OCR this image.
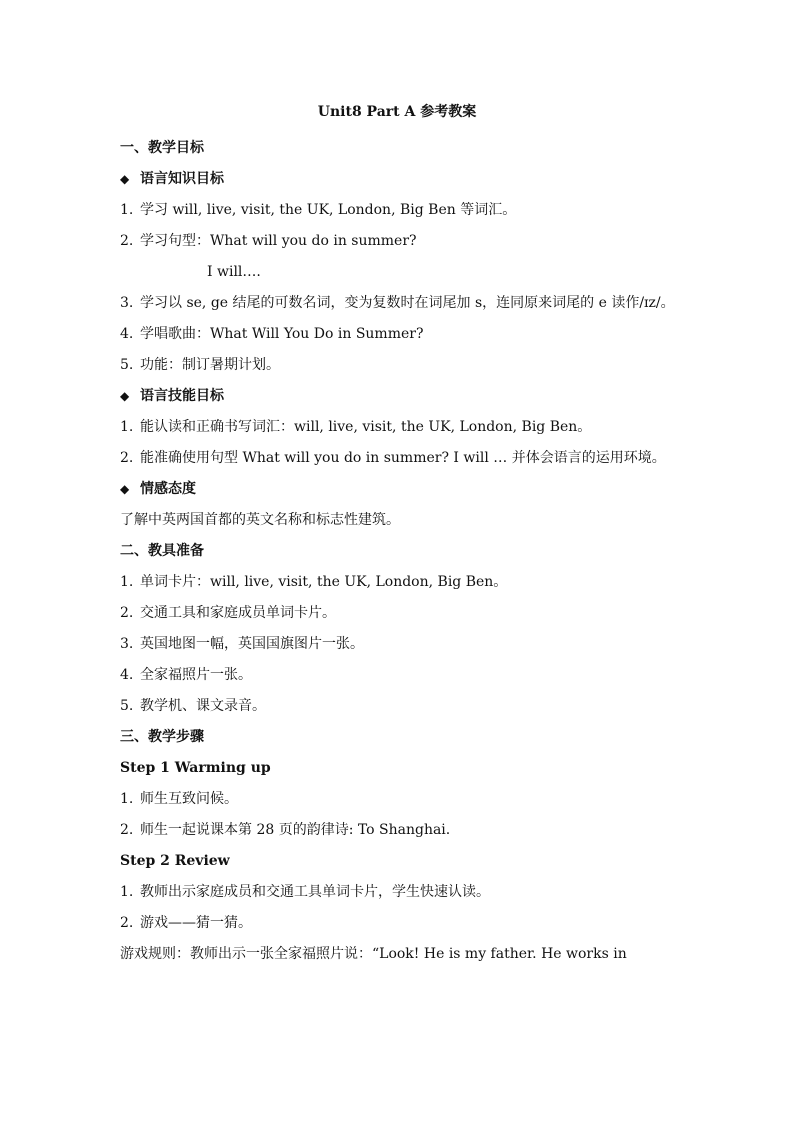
Unit8 Part A 参考教案
一、教学目标
◆ 语言知识目标
1. 学习 will, live, visit, the UK, London, Big Ben 等词汇。
2. 学习句型：What will you do in summer?
I will….
3. 学习以 se, ge 结尾的可数名词，变为复数时在词尾加 s，连同原来词尾的 e 读作/ɪz/。
4. 学唱歌曲：What Will You Do in Summer?
5. 功能：制订暑期计划。
◆ 语言技能目标
1. 能认读和正确书写词汇：will, live, visit, the UK, London, Big Ben。
2. 能准确使用句型 What will you do in summer? I will … 并体会语言的运用环境。
◆ 情感态度
了解中英两国首都的英文名称和标志性建筑。
二、教具准备
1. 单词卡片：will, live, visit, the UK, London, Big Ben。
2. 交通工具和家庭成员单词卡片。
3. 英国地图一幅，英国国旗图片一张。
4. 全家福照片一张。
5. 教学机、课文录音。
三、教学步骤
Step 1 Warming up
1. 师生互致问候。
2. 师生一起说课本第 28 页的韵律诗: To Shanghai.
Step 2 Review
1. 教师出示家庭成员和交通工具单词卡片，学生快速认读。
2. 游戏——猜一猜。
游戏规则：教师出示一张全家福照片说：“Look! He is my father. He works in
